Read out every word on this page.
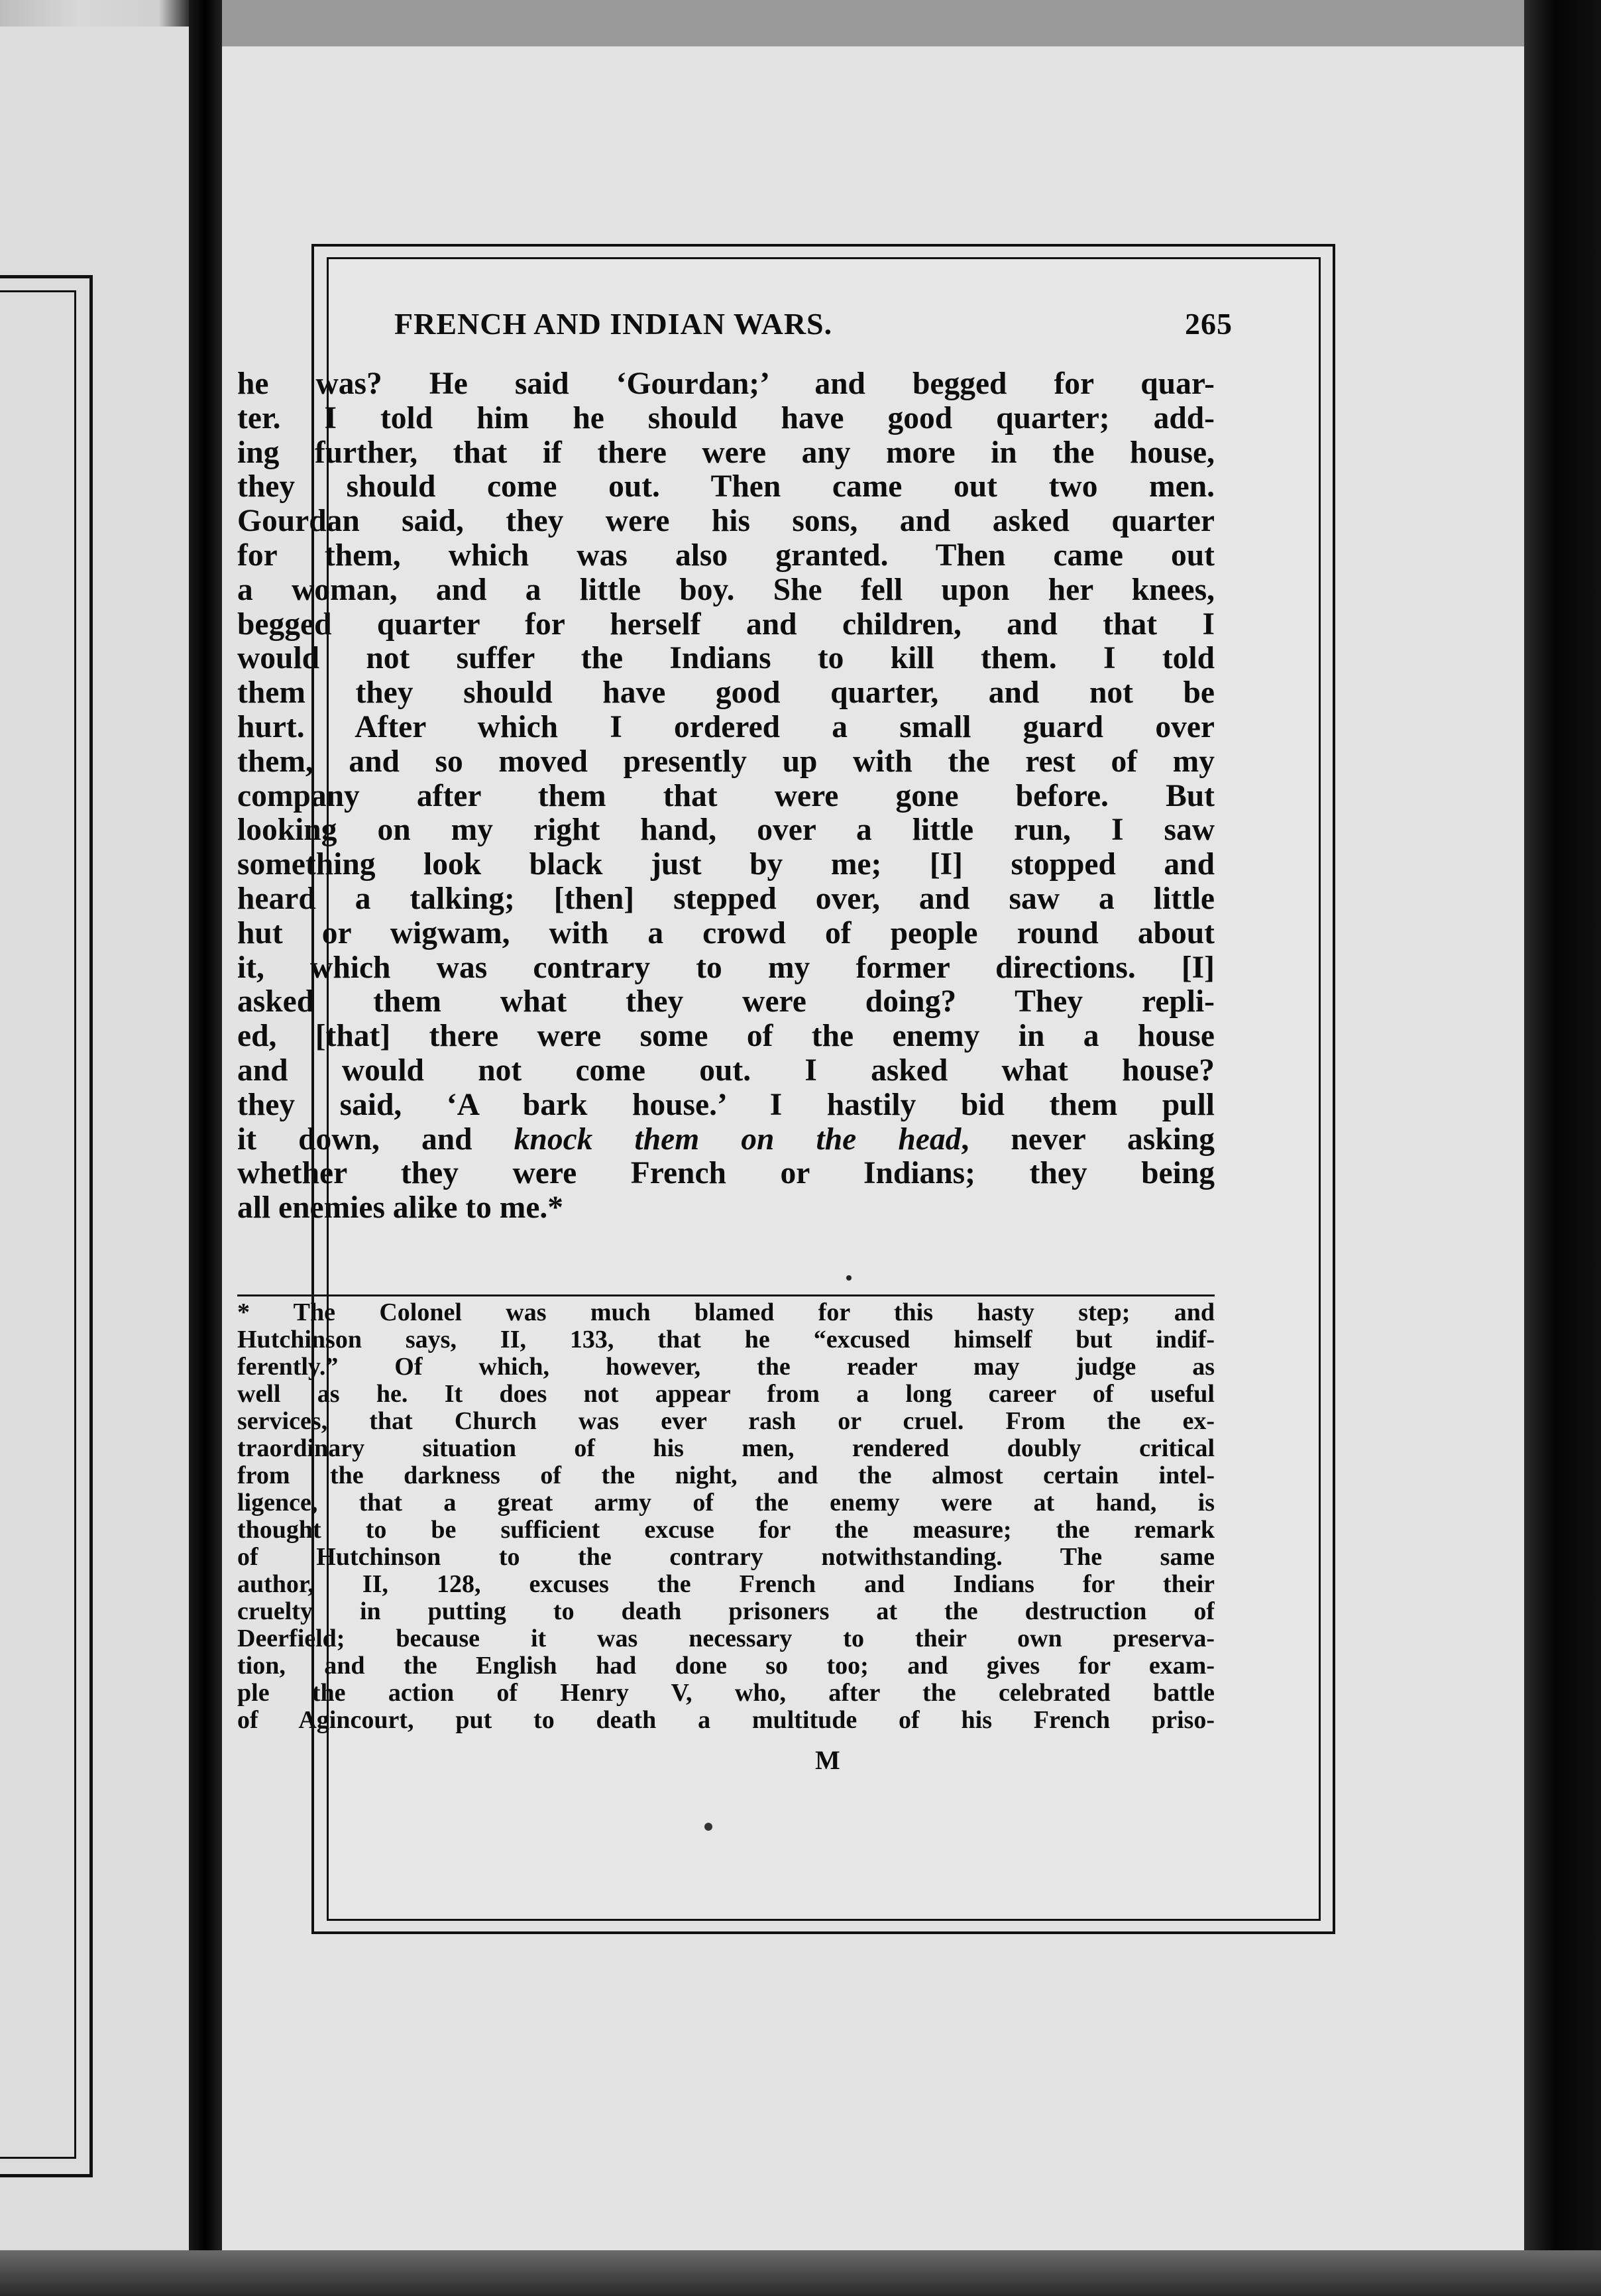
FRENCH AND INDIAN WARS.	265
he was? He said ‘Gourdan;’ and begged for quar-
ter. I told him he should have good quarter; add-
ing further, that if there were any more in the house,
they should come out. Then came out two men.
Gourdan said, they were his sons, and asked quarter
for them, which was also granted. Then came out
a woman, and a little boy. She fell upon her knees,
begged quarter for herself and children, and that I
would not suffer the Indians to kill them. I told
them they should have good quarter, and not be
hurt. After which I ordered a small guard over
them, and so moved presently up with the rest of my
company after them that were gone before. But
looking on my right hand, over a little run, I saw
something look black just by me; [I] stopped and
heard a talking; [then] stepped over, and saw a little
hut or wigwam, with a crowd of people round about
it, which was contrary to my former directions. [I]
asked them what they were doing? They repli-
ed, [that] there were some of the enemy in a house
and would not come out. I asked what house?
they said, ‘A bark house.’ I hastily bid them pull
it down, and knock them on the head, never asking
whether they were French or Indians; they being
all enemies alike to me.*
* The Colonel was much blamed for this hasty step; and
Hutchinson says, II, 133, that he “excused himself but indif-
ferently.” Of which, however, the reader may judge as
well as he. It does not appear from a long career of useful
services, that Church was ever rash or cruel. From the ex-
traordinary situation of his men, rendered doubly critical
from the darkness of the night, and the almost certain intel-
ligence, that a great army of the enemy were at hand, is
thought to be sufficient excuse for the measure; the remark
of Hutchinson to the contrary notwithstanding. The same
author, II, 128, excuses the French and Indians for their
cruelty in putting to death prisoners at the destruction of
Deerfield; because it was necessary to their own preserva-
tion, and the English had done so too; and gives for exam-
ple the action of Henry V, who, after the celebrated battle
of Agincourt, put to death a multitude of his French priso-
M
